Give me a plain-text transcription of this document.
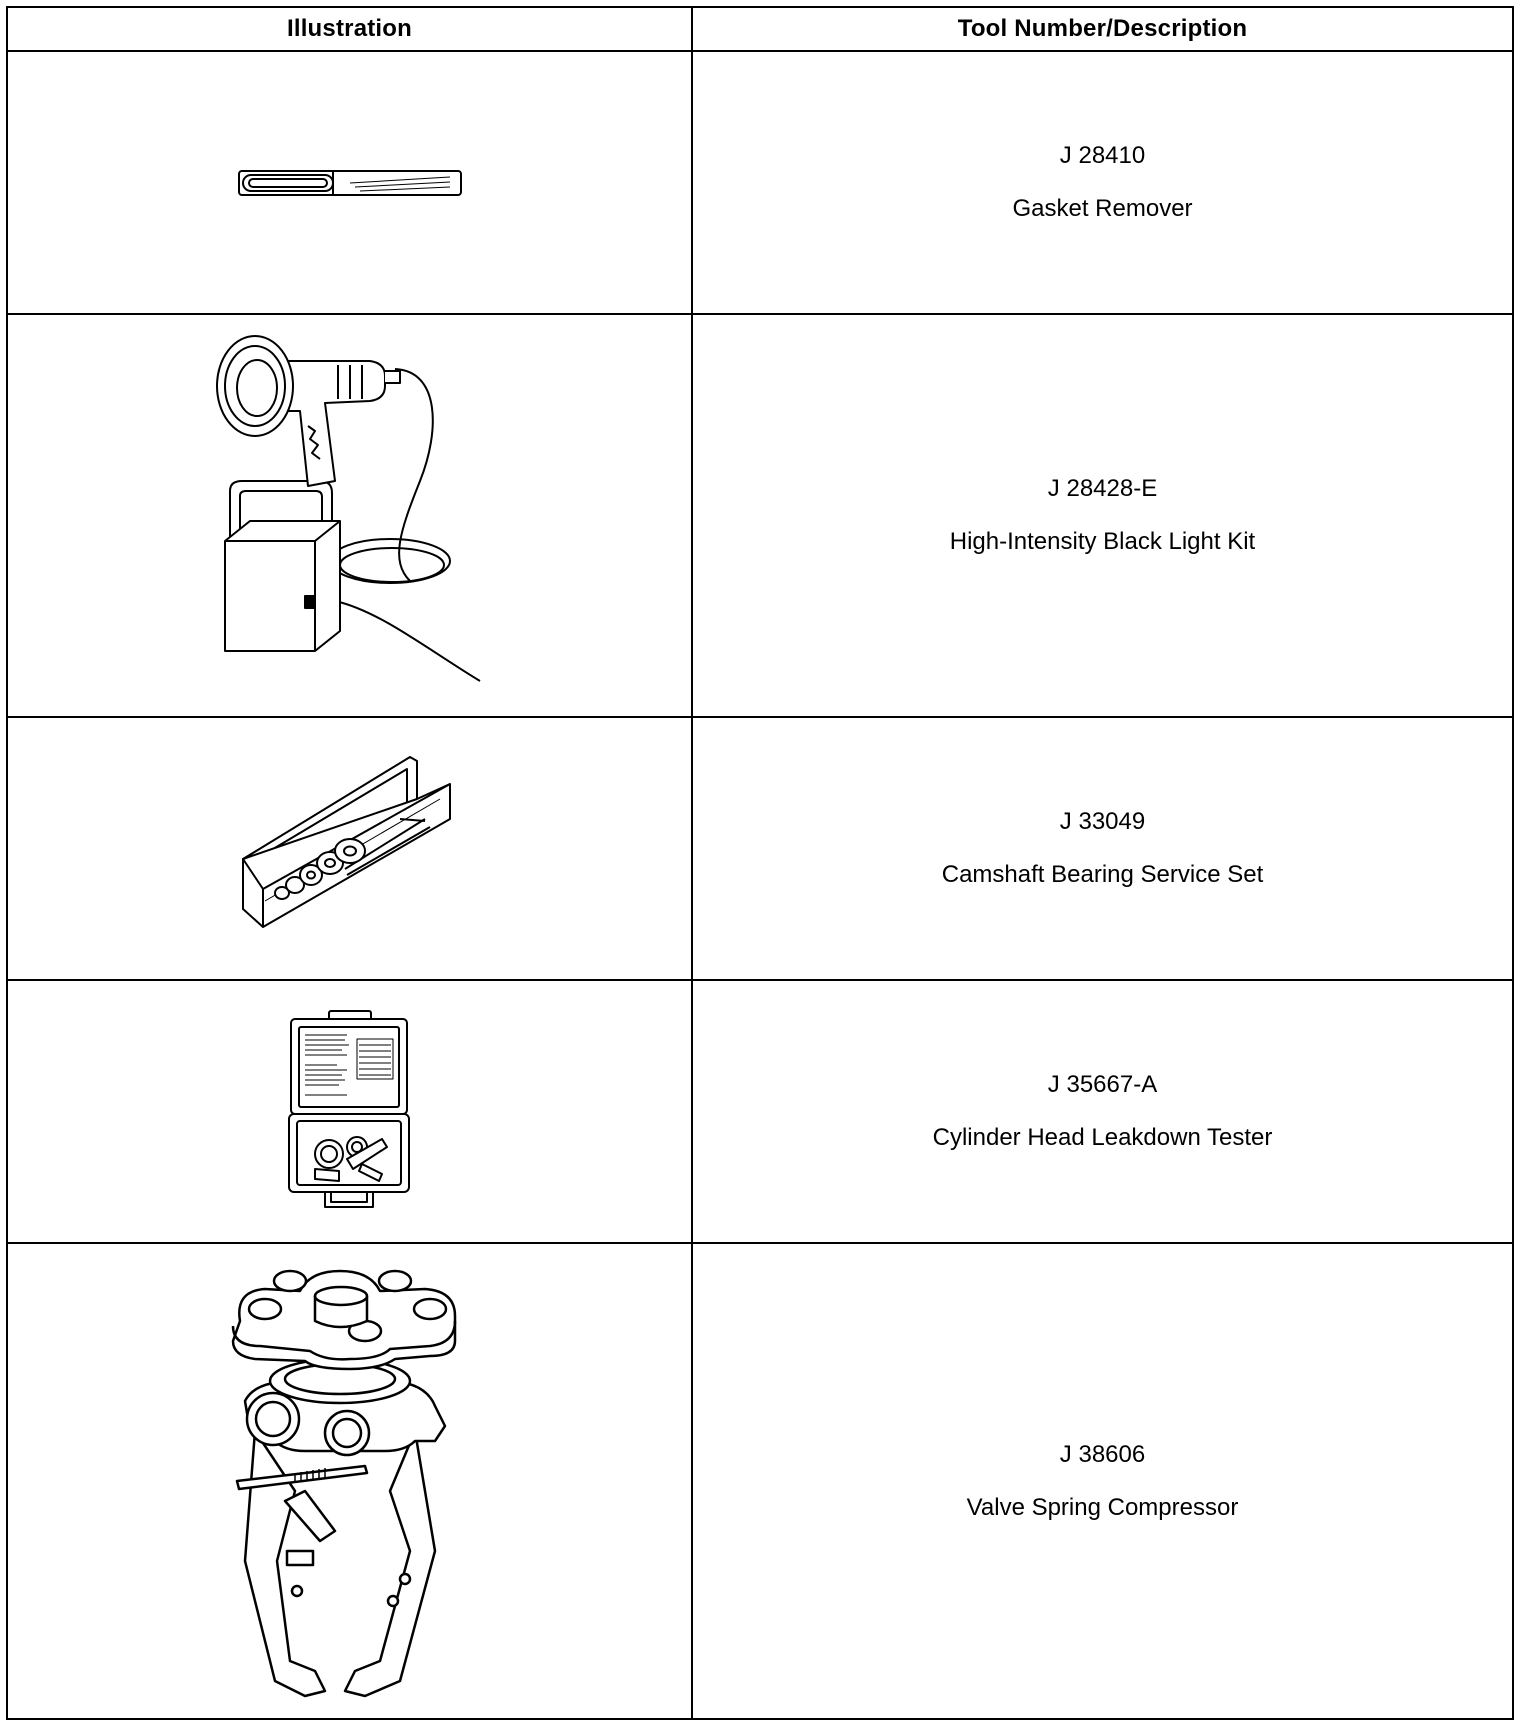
Illustration	Tool Number/Description
J 28410
Gasket Remover
J 28428-E
High-Intensity Black Light Kit
J 33049
Camshaft Bearing Service Set
J 35667-A
Cylinder Head Leakdown Tester
J 38606
Valve Spring Compressor
